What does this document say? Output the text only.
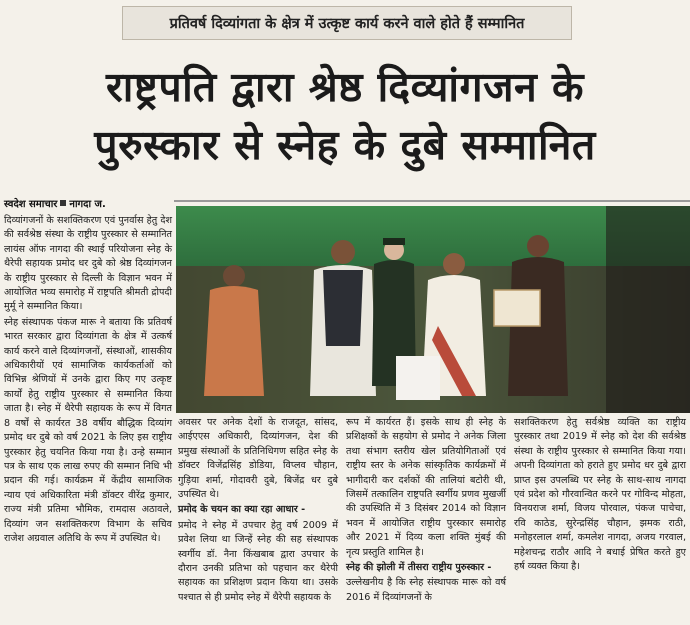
प्रतिवर्ष दिव्यांगता के क्षेत्र में उत्कृष्ट कार्य करने वाले होते हैं सम्मानित
राष्ट्रपति द्वारा श्रेष्ठ दिव्यांगजन के
पुरुस्कार से स्नेह के दुबे सम्मानित
स्वदेश समाचार नागदा ज.

दिव्यांगजनों के सशक्तिकरण एवं पुनर्वास हेतु देश की सर्वश्रेष्ठ संस्था के राष्ट्रीय पुरस्कार से सम्मानित लायंस ऑफ नागदा की स्थाई परियोजना स्नेह के थैरेपी सहायक प्रमोद धर दुबे को श्रेष्ठ दिव्यांगजन के राष्ट्रीय पुरस्कार से दिल्ली के विज्ञान भवन में आयोजित भव्य समारोह में राष्ट्रपति श्रीमती द्रोपदी मुर्मू ने सम्मानित किया।

स्नेह संस्थापक पंकज मारू ने बताया कि प्रतिवर्ष भारत सरकार द्वारा दिव्यांगता के क्षेत्र में उत्कर्ष कार्य करने वाले दिव्यांगजनों, संस्थाओं, शासकीय अधिकारीयों एवं सामाजिक कार्यकर्ताओं को विभिन्न श्रेणियों में उनके द्वारा किए गए उत्कृष्ट कार्यों हेतु राष्ट्रीय पुरस्कार से सम्मानित किया जाता है। स्नेह में थैरेपी सहायक के रूप में विगत 8 वर्षों से कार्यरत 38 वर्षीय बौद्धिक दिव्यांग प्रमोद धर दुबे को वर्ष 2021 के लिए इस राष्ट्रीय पुरस्कार हेतु चयनित किया गया है। उन्हे सम्मान पत्र के साथ एक लाख रुपए की सम्मान निधि भी प्रदान की गई। कार्यक्रम में केंद्रीय सामाजिक न्याय एवं अधिकारिता मंत्री डॉक्टर वीरेंद्र कुमार, राज्य मंत्री प्रतिमा भौमिक, रामदास अठावले, दिव्यांग जन सशक्तिकरण विभाग के सचिव राजेश अग्रवाल अतिथि के रूप में उपस्थित थे।

अवसर पर अनेक देशों के राजदूत, सांसद, आईएएस अधिकारी, दिव्यांगजन, देश की प्रमुख संस्थाओं के प्रतिनिधिगण सहित स्नेह के डॉक्टर विजेंद्रसिंह डोडिया, विप्लव चौहान, गुड़िया शर्मा, गोदावरी दुबे, बिजेंद्र धर दुबे उपस्थित थे।

प्रमोद के चयन का क्या रहा आधार -

प्रमोद ने स्नेह में उपचार हेतु वर्ष 2009 में प्रवेश लिया था जिन्हें स्नेह की सह संस्थापक स्वर्गीय डॉ. नैना किंखबाब द्वारा उपचार के दौरान उनकी प्रतिभा को पहचान कर थैरेपी सहायक का प्रशिक्षण प्रदान किया था। उसके पश्चात से ही प्रमोद स्नेह में थैरेपी सहायक के

रूप में कार्यरत हैं। इसके साथ ही स्नेह के प्रशिक्षकों के सहयोग से प्रमोद ने अनेक जिला तथा संभाग स्तरीय खेल प्रतियोगिताओं एवं राष्ट्रीय स्तर के अनेक सांस्कृतिक कार्यक्रमों में भागीदारी कर दर्शकों की तालियां बटोरी थी, जिसमें तत्कालिन राष्ट्रपति स्वर्गीय प्रणव मुखर्जी की उपस्थिति में 3 दिसंबर 2014 को विज्ञान भवन में आयोजित राष्ट्रीय पुरस्कार समारोह और 2021 में दिव्य कला शक्ति मुंबई की नृत्य प्रस्तुति शामिल है।

स्नेह की झोली में तीसरा राष्ट्रीय पुरुस्कार -

उल्लेखनीय है कि स्नेह संस्थापक मारू को वर्ष 2016 में दिव्यांगजनों के

सशक्तिकरण हेतु सर्वश्रेष्ठ व्यक्ति का राष्ट्रीय पुरस्कार तथा 2019 में स्नेह को देश की सर्वश्रेष्ठ संस्था के राष्ट्रीय पुरस्कार से सम्मानित किया गया। अपनी दिव्यांगता को हराते हुए प्रमोद धर दुबे द्वारा प्राप्त इस उपलब्धि पर स्नेह के साथ-साथ नागदा एवं प्रदेश को गौरवान्वित करने पर गोविन्द मोहता, विनयराज शर्मा, विजय पोरवाल, पंकज पाचेचा, रवि काठेड, सुरेन्द्रसिंह चौहान, झमक राठी, मनोहरलाल शर्मा, कमलेश नागदा, अजय गरवाल, महेशचन्द्र राठौर आदि ने बधाई प्रेषित करते हुए हर्ष व्यक्त किया है।
